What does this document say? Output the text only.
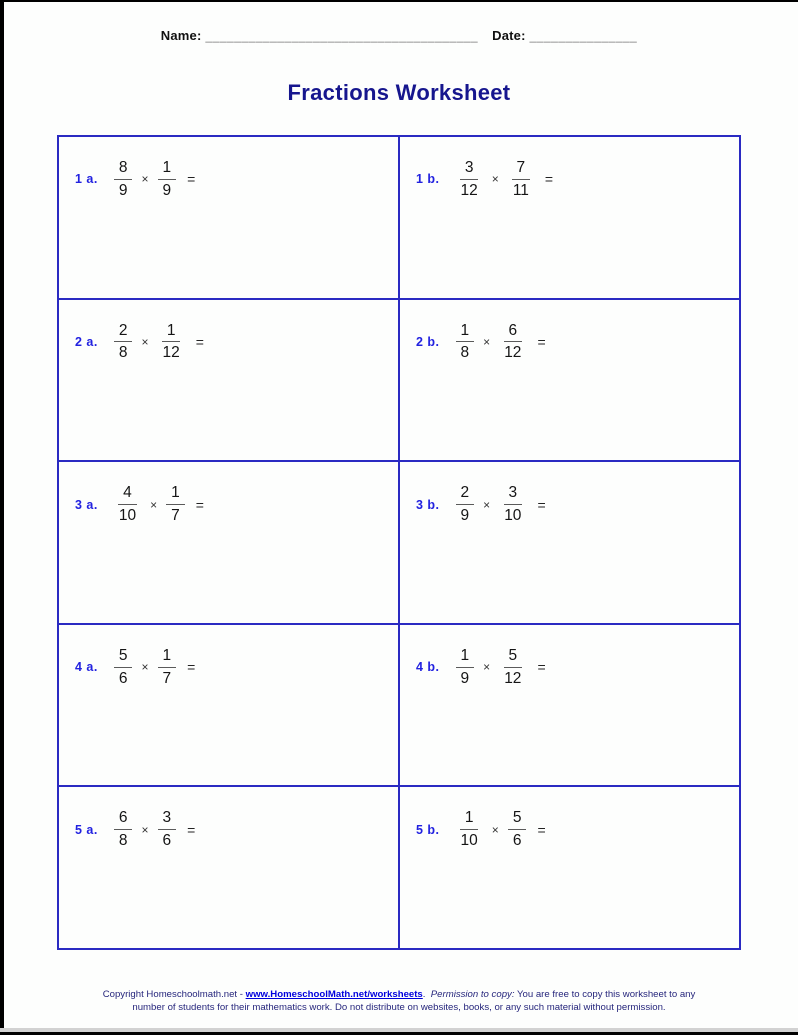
Name: ______________________________________ Date: _______________
Fractions Worksheet
1 a. $\frac{8}{9} \times \frac{1}{9}$ =	1 b. $\frac{3}{12} \times \frac{7}{11}$ =
2 a. $\frac{2}{8} \times \frac{1}{12}$ =	2 b. $\frac{1}{8} \times \frac{6}{12}$ =
3 a. $\frac{4}{10} \times \frac{1}{7}$ =	3 b. $\frac{2}{9} \times \frac{3}{10}$ =
4 a. $\frac{5}{6} \times \frac{1}{7}$ =	4 b. $\frac{1}{9} \times \frac{5}{12}$ =
5 a. $\frac{6}{8} \times \frac{3}{6}$ =	5 b. $\frac{1}{10} \times \frac{5}{6}$ =
Copyright Homeschoolmath.net - www.HomeschoolMath.net/worksheets.  Permission to copy: You are free to copy this worksheet to any number of students for their mathematics work. Do not distribute on websites, books, or any such material without permission.
